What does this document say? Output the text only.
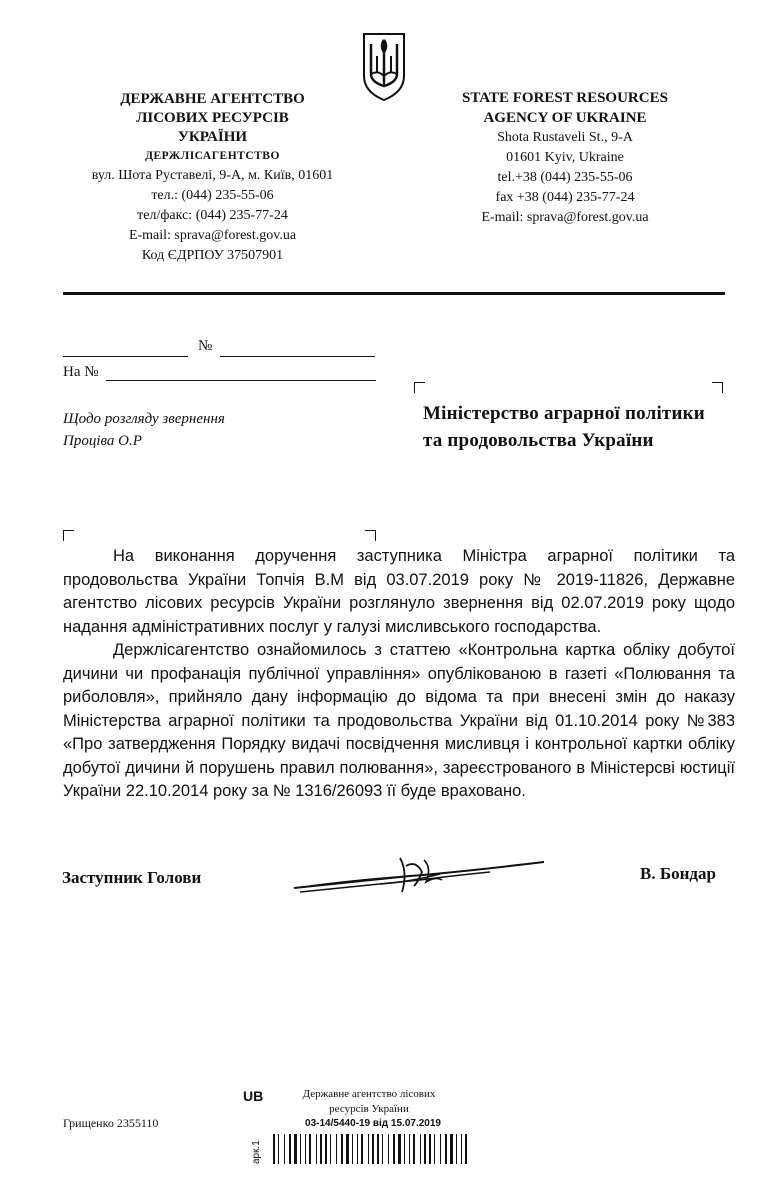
ДЕРЖАВНЕ АГЕНТСТВО
ЛІСОВИХ РЕСУРСІВ
УКРАЇНИ
ДЕРЖЛІСАГЕНТСТВО
вул. Шота Руставелі, 9-А, м. Київ, 01601
тел.: (044) 235-55-06
тел/факс: (044) 235-77-24
E-mail: sprava@forest.gov.ua
Код ЄДРПОУ 37507901
STATE FOREST RESOURCES
AGENCY OF UKRAINE
Shota Rustaveli St., 9-A
01601 Kyiv, Ukraine
tel.+38 (044) 235-55-06
fax +38 (044) 235-77-24
E-mail: sprava@forest.gov.ua
№
На №
Щодо розгляду звернення
Проціва О.Р
Міністерство аграрної політики
та продовольства України

На виконання доручення заступника Міністра аграрної політики та продовольства України Топчія В.М від 03.07.2019 року № 2019-11826, Державне агентство лісових ресурсів України розглянуло звернення від 02.07.2019 року щодо надання адміністративних послуг у галузі мисливського господарства.

Держлісагентство ознайомилось з статтею «Контрольна картка обліку добутої дичини чи профанація публічної управління» опублікованою в газеті «Полювання та риболовля», прийняло дану інформацію до відома та при внесені змін до наказу Міністерства аграрної політики та продовольства України від 01.10.2014 року №383 «Про затвердження Порядку видачі посвідчення мисливця і контрольної картки обліку добутої дичини й порушень правил полювання», зареєстрованого в Міністерсві юстиції України 22.10.2014 року за № 1316/26093 її буде враховано.

Заступник Голови	В. Бондар
Грищенко 2355110
UB	Державне агентство лісових
ресурсів України
03-14/5440-19 від 15.07.2019
арк.1
